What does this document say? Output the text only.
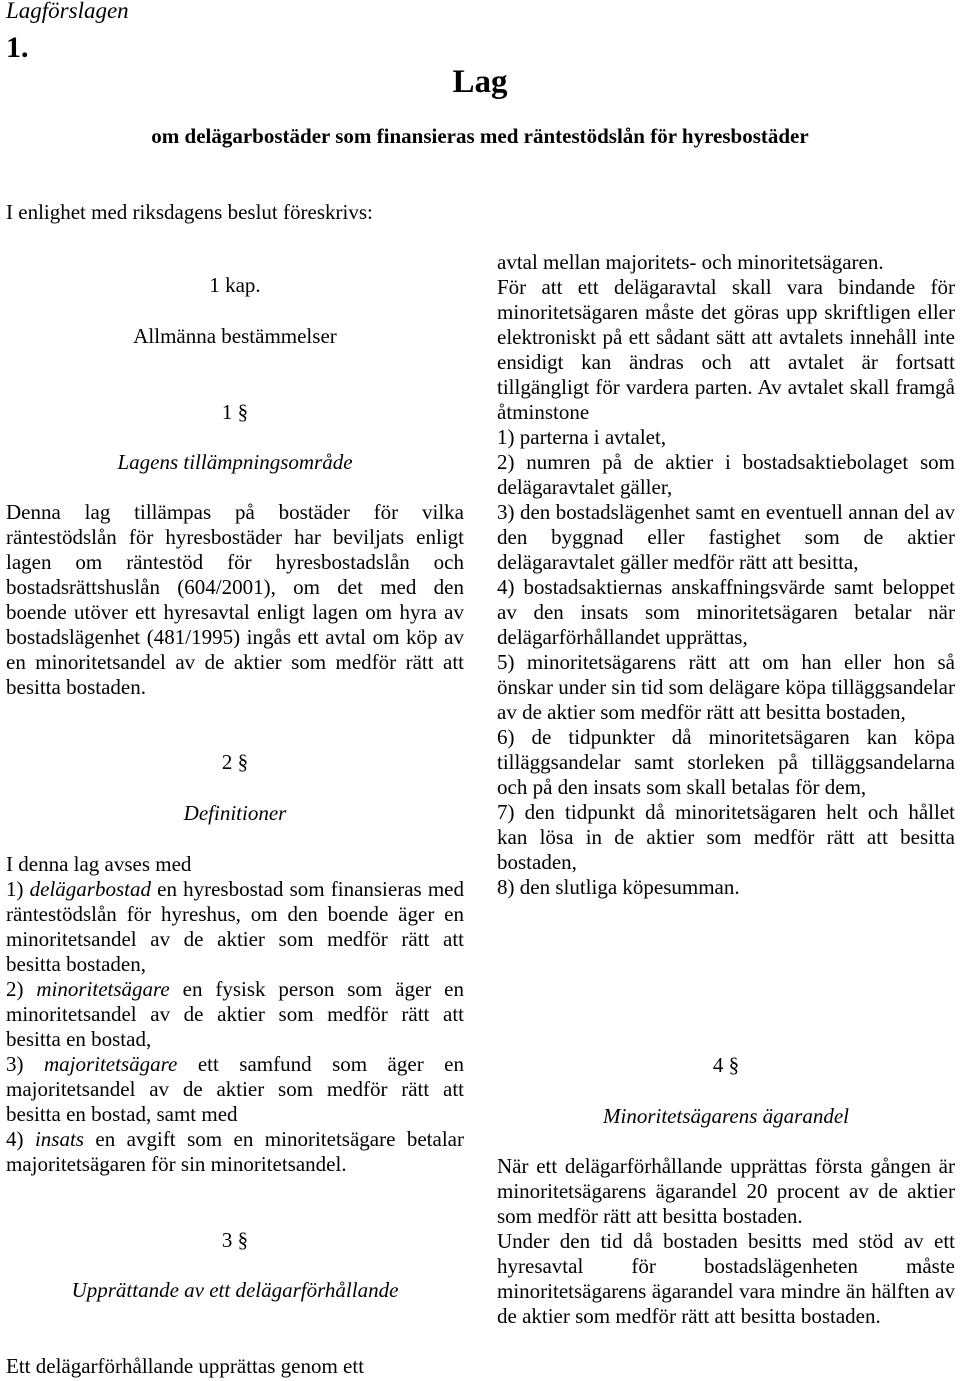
Lagförslagen
1.
Lag
om delägarbostäder som finansieras med räntestödslån för hyresbostäder
I enlighet med riksdagens beslut föreskrivs:
1 kap.
Allmänna bestämmelser
1 §
Lagens tillämpningsområde
Denna lag tillämpas på bostäder för vilka räntestödslån för hyresbostäder har beviljats enligt lagen om räntestöd för hyresbostadslån och bostadsrättshuslån (604/2001), om det med den boende utöver ett hyresavtal enligt lagen om hyra av bostadslägenhet (481/1995) ingås ett avtal om köp av en minoritetsandel av de aktier som medför rätt att besitta bostaden.
2 §
Definitioner
I denna lag avses med
1) delägarbostad en hyresbostad som finansieras med räntestödslån för hyreshus, om den boende äger en minoritetsandel av de aktier som medför rätt att besitta bostaden,
2) minoritetsägare en fysisk person som äger en minoritetsandel av de aktier som medför rätt att besitta en bostad,
3) majoritetsägare ett samfund som äger en majoritetsandel av de aktier som medför rätt att besitta en bostad, samt med
4) insats en avgift som en minoritetsägare betalar majoritetsägaren för sin minoritetsandel.
3 §
Upprättande av ett delägarförhållande
Ett delägarförhållande upprättas genom ett
avtal mellan majoritets- och minoritetsägaren.
För att ett delägaravtal skall vara bindande för minoritetsägaren måste det göras upp skriftligen eller elektroniskt på ett sådant sätt att avtalets innehåll inte ensidigt kan ändras och att avtalet är fortsatt tillgängligt för vardera parten. Av avtalet skall framgå åtminstone
1) parterna i avtalet,
2) numren på de aktier i bostadsaktiebolaget som delägaravtalet gäller,
3) den bostadslägenhet samt en eventuell annan del av den byggnad eller fastighet som de aktier delägaravtalet gäller medför rätt att besitta,
4) bostadsaktiernas anskaffningsvärde samt beloppet av den insats som minoritetsägaren betalar när delägarförhållandet upprättas,
5) minoritetsägarens rätt att om han eller hon så önskar under sin tid som delägare köpa tilläggsandelar av de aktier som medför rätt att besitta bostaden,
6) de tidpunkter då minoritetsägaren kan köpa tilläggsandelar samt storleken på tilläggsandelarna och på den insats som skall betalas för dem,
7) den tidpunkt då minoritetsägaren helt och hållet kan lösa in de aktier som medför rätt att besitta bostaden,
8) den slutliga köpesumman.
4 §
Minoritetsägarens ägarandel
När ett delägarförhållande upprättas första gången är minoritetsägarens ägarandel 20 procent av de aktier som medför rätt att besitta bostaden.
Under den tid då bostaden besitts med stöd av ett hyresavtal för bostadslägenheten måste minoritetsägarens ägarandel vara mindre än hälften av de aktier som medför rätt att besitta bostaden.
